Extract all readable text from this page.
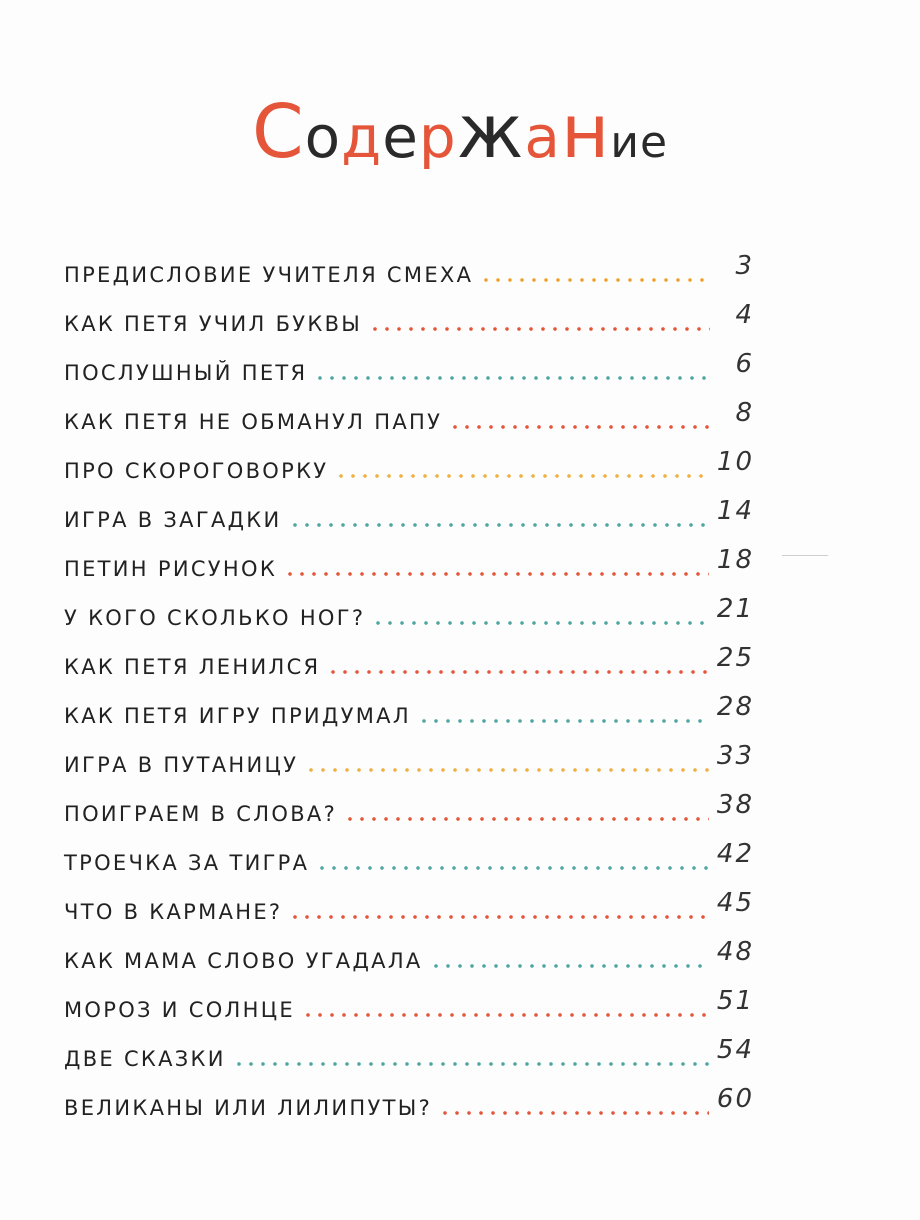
Содержание
ПРЕДИСЛОВИЕ УЧИТЕЛЯ СМЕХА	3
КАК ПЕТЯ УЧИЛ БУКВЫ	4
ПОСЛУШНЫЙ ПЕТЯ	6
КАК ПЕТЯ НЕ ОБМАНУЛ ПАПУ	8
ПРО СКОРОГОВОРКУ	10
ИГРА В ЗАГАДКИ	14
ПЕТИН РИСУНОК	18
У КОГО СКОЛЬКО НОГ?	21
КАК ПЕТЯ ЛЕНИЛСЯ	25
КАК ПЕТЯ ИГРУ ПРИДУМАЛ	28
ИГРА В ПУТАНИЦУ	33
ПОИГРАЕМ В СЛОВА?	38
ТРОЕЧКА ЗА ТИГРА	42
ЧТО В КАРМАНЕ?	45
КАК МАМА СЛОВО УГАДАЛА	48
МОРОЗ И СОЛНЦЕ	51
ДВЕ СКАЗКИ	54
ВЕЛИКАНЫ ИЛИ ЛИЛИПУТЫ?	60
